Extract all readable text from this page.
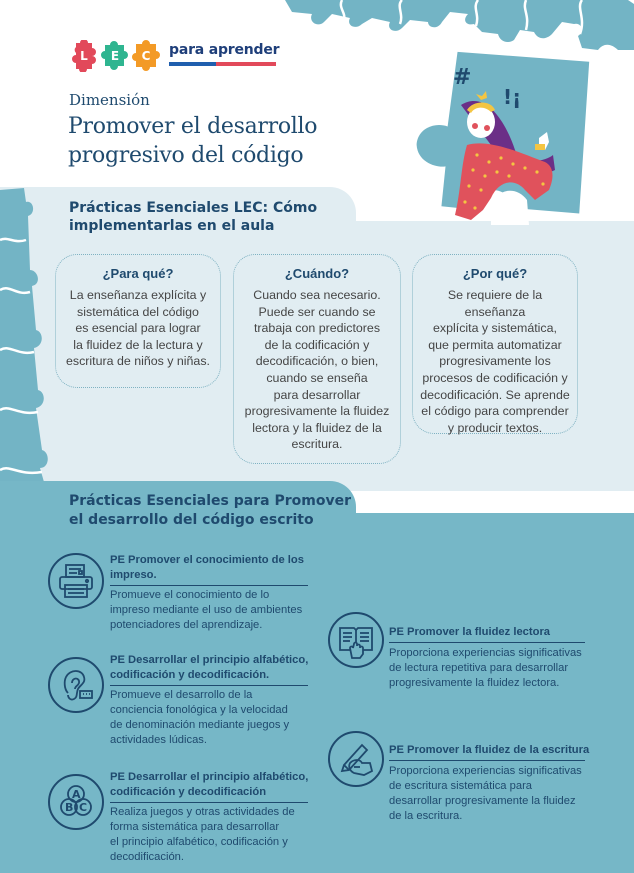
L	E	C	para aprender
Dimensión
Promover el desarrollo
progresivo del código
#
!¡
Prácticas Esenciales LEC: Cómo
implementarlas en el aula
¿Para qué?
La enseñanza explícita y
sistemática del código
es esencial para lograr
la fluidez de la lectura y
escritura de niños y niñas.
¿Cuándo?
Cuando sea necesario.
Puede ser cuando se
trabaja con predictores
de la codificación y
decodificación, o bien,
cuando se enseña
para desarrollar
progresivamente la fluidez
lectora y la fluidez de la
escritura.
¿Por qué?
Se requiere de la enseñanza
explícita y sistemática,
que permita automatizar
progresivamente los
procesos de codificación y
decodificación. Se aprende
el código para comprender
y producir textos.
Prácticas Esenciales para Promover
el desarrollo del código escrito
PE Promover el conocimiento de los
impreso.
Promueve el conocimiento de lo
impreso mediante el uso de ambientes
potenciadores del aprendizaje.
PE Desarrollar el principio alfabético,
codificación y decodificación.
Promueve el desarrollo de la
conciencia fonológica y la velocidad
de denominación mediante juegos y
actividades lúdicas.
A
B C
PE Desarrollar el principio alfabético,
codificación y decodificación
Realiza juegos y otras actividades de
forma sistemática para desarrollar
el principio alfabético, codificación y
decodificación.
PE Promover la fluidez lectora
Proporciona experiencias significativas
de lectura repetitiva para desarrollar
progresivamente la fluidez lectora.
PE Promover la fluidez de la escritura
Proporciona experiencias significativas
de escritura sistemática para
desarrollar progresivamente la fluidez
de la escritura.
